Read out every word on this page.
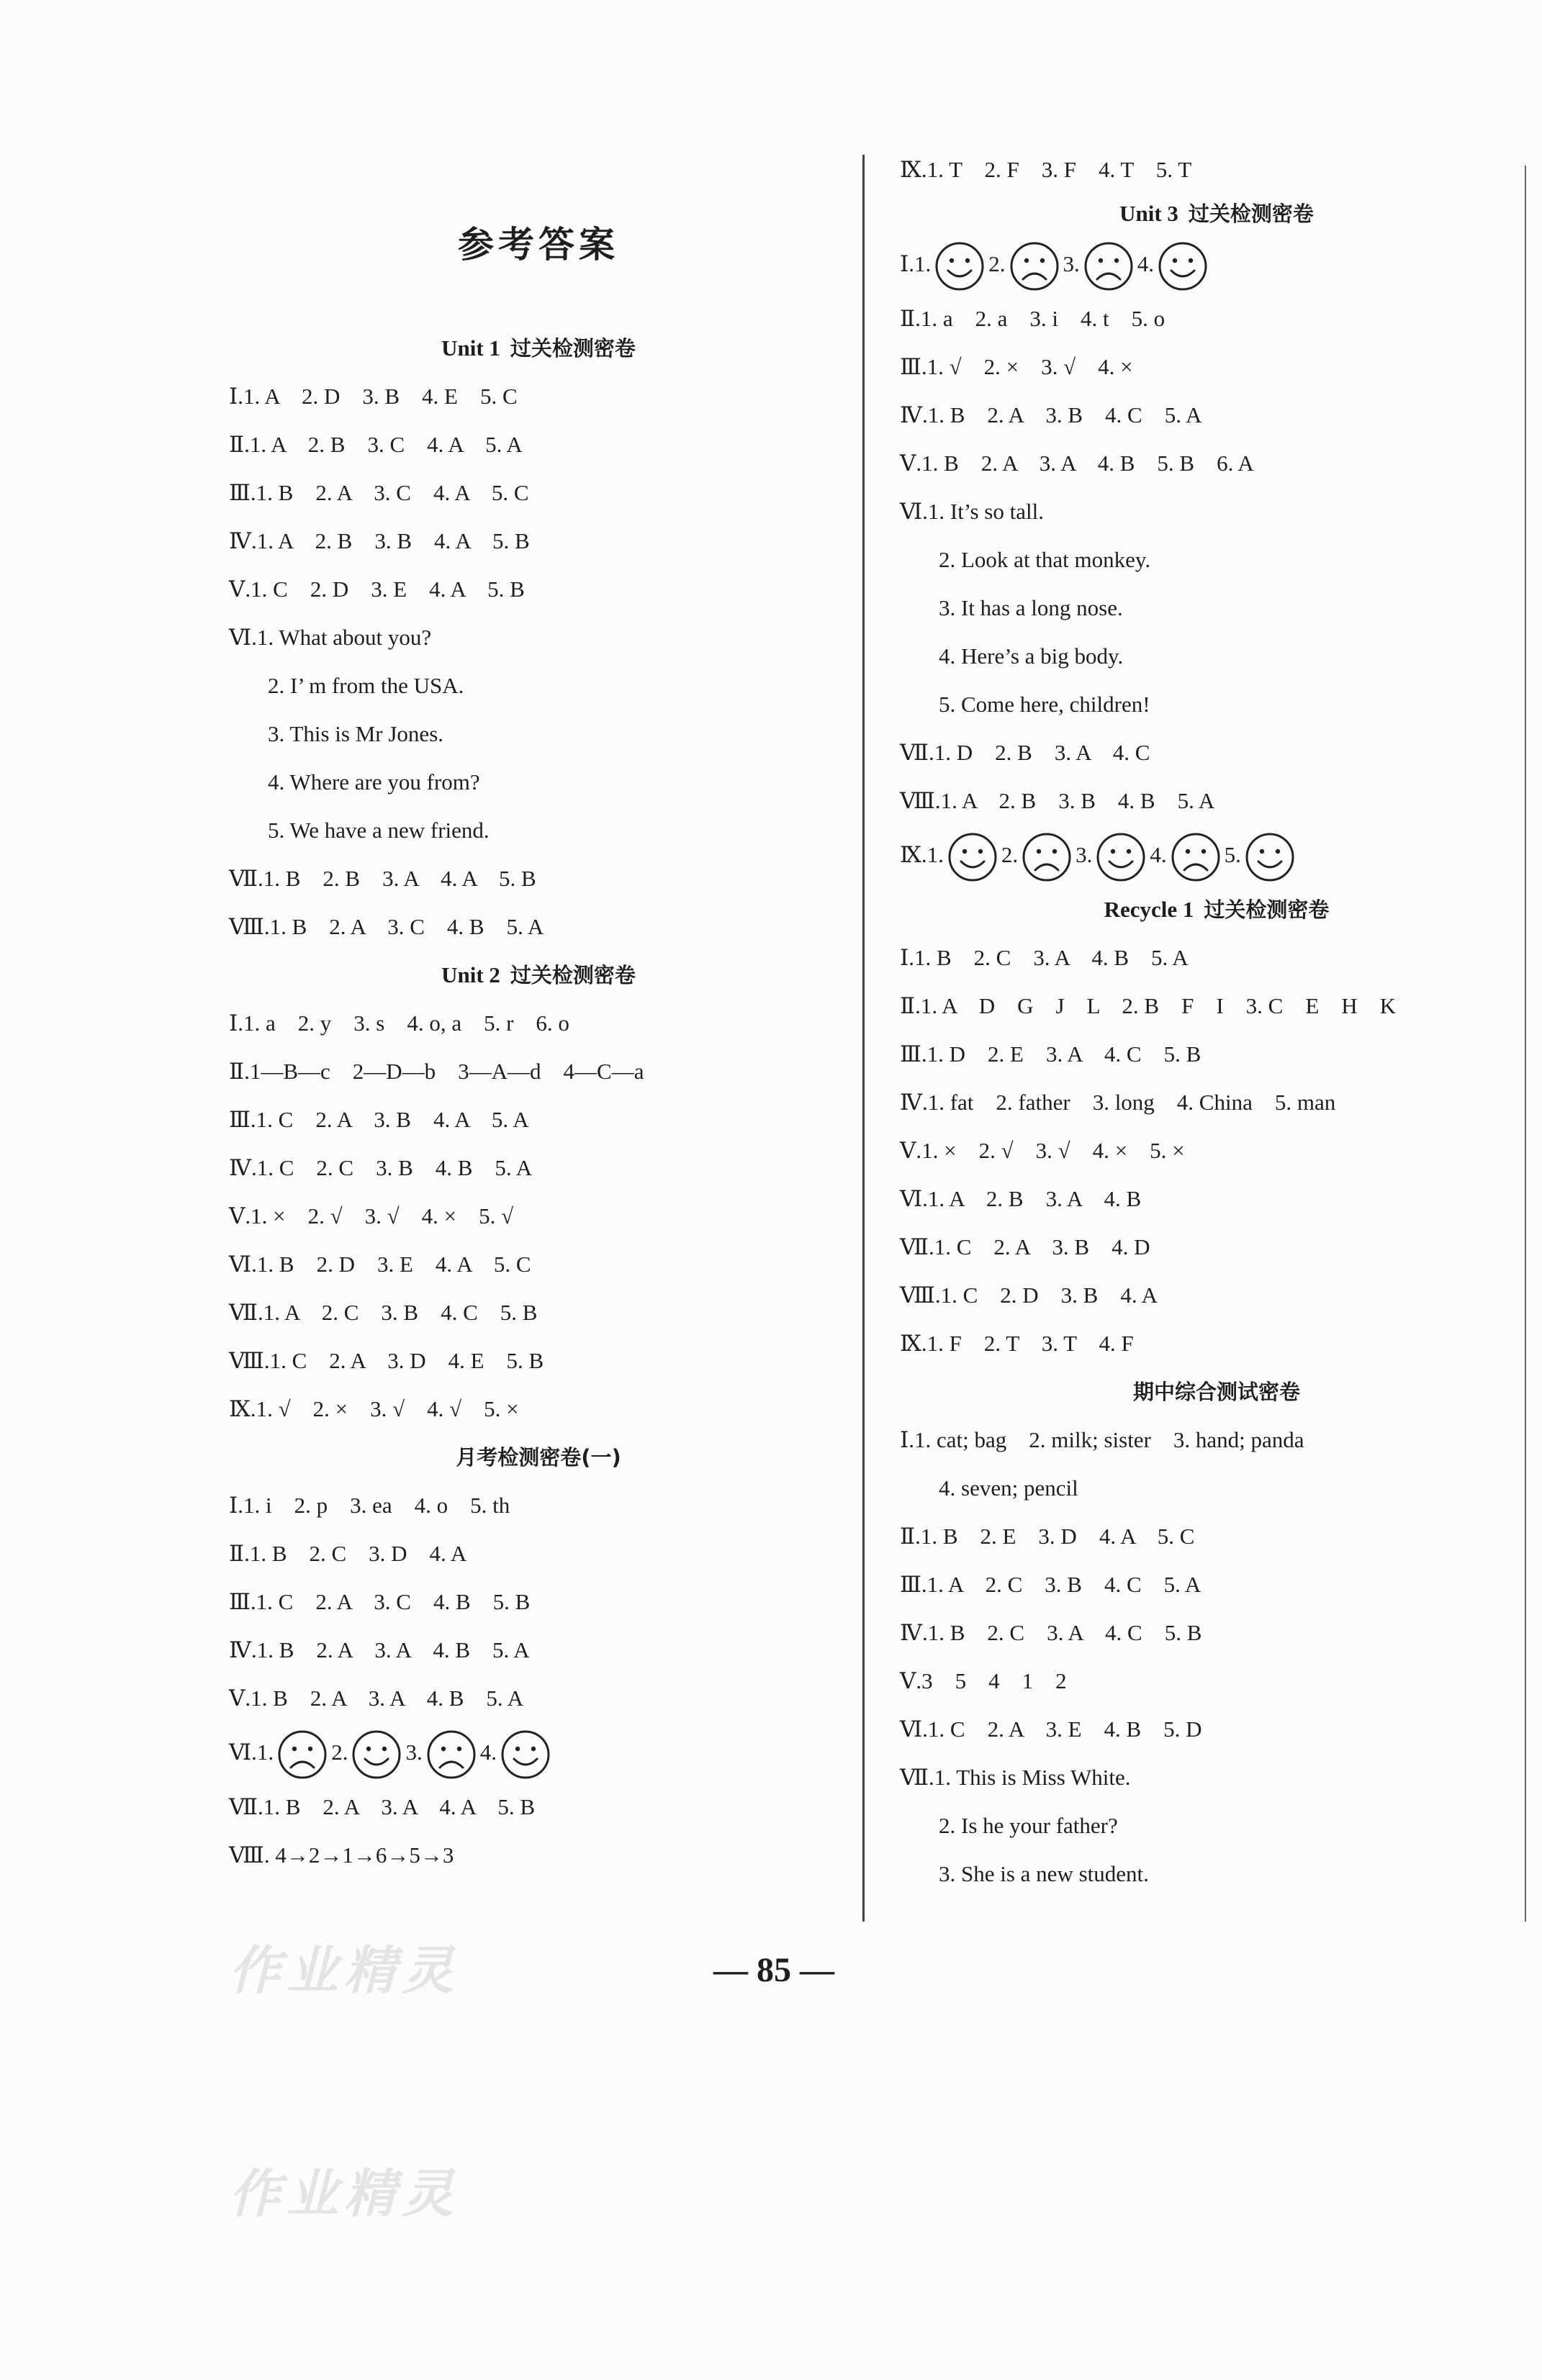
参考答案
Unit 1 过关检测密卷
Ⅰ.1. A　2. D　3. B　4. E　5. C
Ⅱ.1. A　2. B　3. C　4. A　5. A
Ⅲ.1. B　2. A　3. C　4. A　5. C
Ⅳ.1. A　2. B　3. B　4. A　5. B
Ⅴ.1. C　2. D　3. E　4. A　5. B
Ⅵ.1. What about you?
2. I’ m from the USA.
3. This is Mr Jones.
4. Where are you from?
5. We have a new friend.
Ⅶ.1. B　2. B　3. A　4. A　5. B
Ⅷ.1. B　2. A　3. C　4. B　5. A
Unit 2 过关检测密卷
Ⅰ.1. a　2. y　3. s　4. o, a　5. r　6. o
Ⅱ.1—B—c　2—D—b　3—A—d　4—C—a
Ⅲ.1. C　2. A　3. B　4. A　5. A
Ⅳ.1. C　2. C　3. B　4. B　5. A
Ⅴ.1. ×　2. √　3. √　4. ×　5. √
Ⅵ.1. B　2. D　3. E　4. A　5. C
Ⅶ.1. A　2. C　3. B　4. C　5. B
Ⅷ.1. C　2. A　3. D　4. E　5. B
Ⅸ.1. √　2. ×　3. √　4. √　5. ×
月考检测密卷(一)
Ⅰ.1. i　2. p　3. ea　4. o　5. th
Ⅱ.1. B　2. C　3. D　4. A
Ⅲ.1. C　2. A　3. C　4. B　5. B
Ⅳ.1. B　2. A　3. A　4. B　5. A
Ⅴ.1. B　2. A　3. A　4. B　5. A
Ⅵ.1.	2.	3.	4.
Ⅶ.1. B　2. A　3. A　4. A　5. B
Ⅷ. 4→2→1→6→5→3
Ⅸ.1. T　2. F　3. F　4. T　5. T
Unit 3 过关检测密卷
Ⅰ.1.	2.	3.	4.
Ⅱ.1. a　2. a　3. i　4. t　5. o
Ⅲ.1. √　2. ×　3. √　4. ×
Ⅳ.1. B　2. A　3. B　4. C　5. A
Ⅴ.1. B　2. A　3. A　4. B　5. B　6. A
Ⅵ.1. It’s so tall.
2. Look at that monkey.
3. It has a long nose.
4. Here’s a big body.
5. Come here, children!
Ⅶ.1. D　2. B　3. A　4. C
Ⅷ.1. A　2. B　3. B　4. B　5. A
Ⅸ.1.	2.	3.	4.	5.
Recycle 1 过关检测密卷
Ⅰ.1. B　2. C　3. A　4. B　5. A
Ⅱ.1. A　D　G　J　L　2. B　F　I　3. C　E　H　K
Ⅲ.1. D　2. E　3. A　4. C　5. B
Ⅳ.1. fat　2. father　3. long　4. China　5. man
Ⅴ.1. ×　2. √　3. √　4. ×　5. ×
Ⅵ.1. A　2. B　3. A　4. B
Ⅶ.1. C　2. A　3. B　4. D
Ⅷ.1. C　2. D　3. B　4. A
Ⅸ.1. F　2. T　3. T　4. F
期中综合测试密卷
Ⅰ.1. cat; bag　2. milk; sister　3. hand; panda
4. seven; pencil
Ⅱ.1. B　2. E　3. D　4. A　5. C
Ⅲ.1. A　2. C　3. B　4. C　5. A
Ⅳ.1. B　2. C　3. A　4. C　5. B
Ⅴ.3　5　4　1　2
Ⅵ.1. C　2. A　3. E　4. B　5. D
Ⅶ.1. This is Miss White.
2. Is he your father?
3. She is a new student.
— 85 —
作业精灵
作业精灵
